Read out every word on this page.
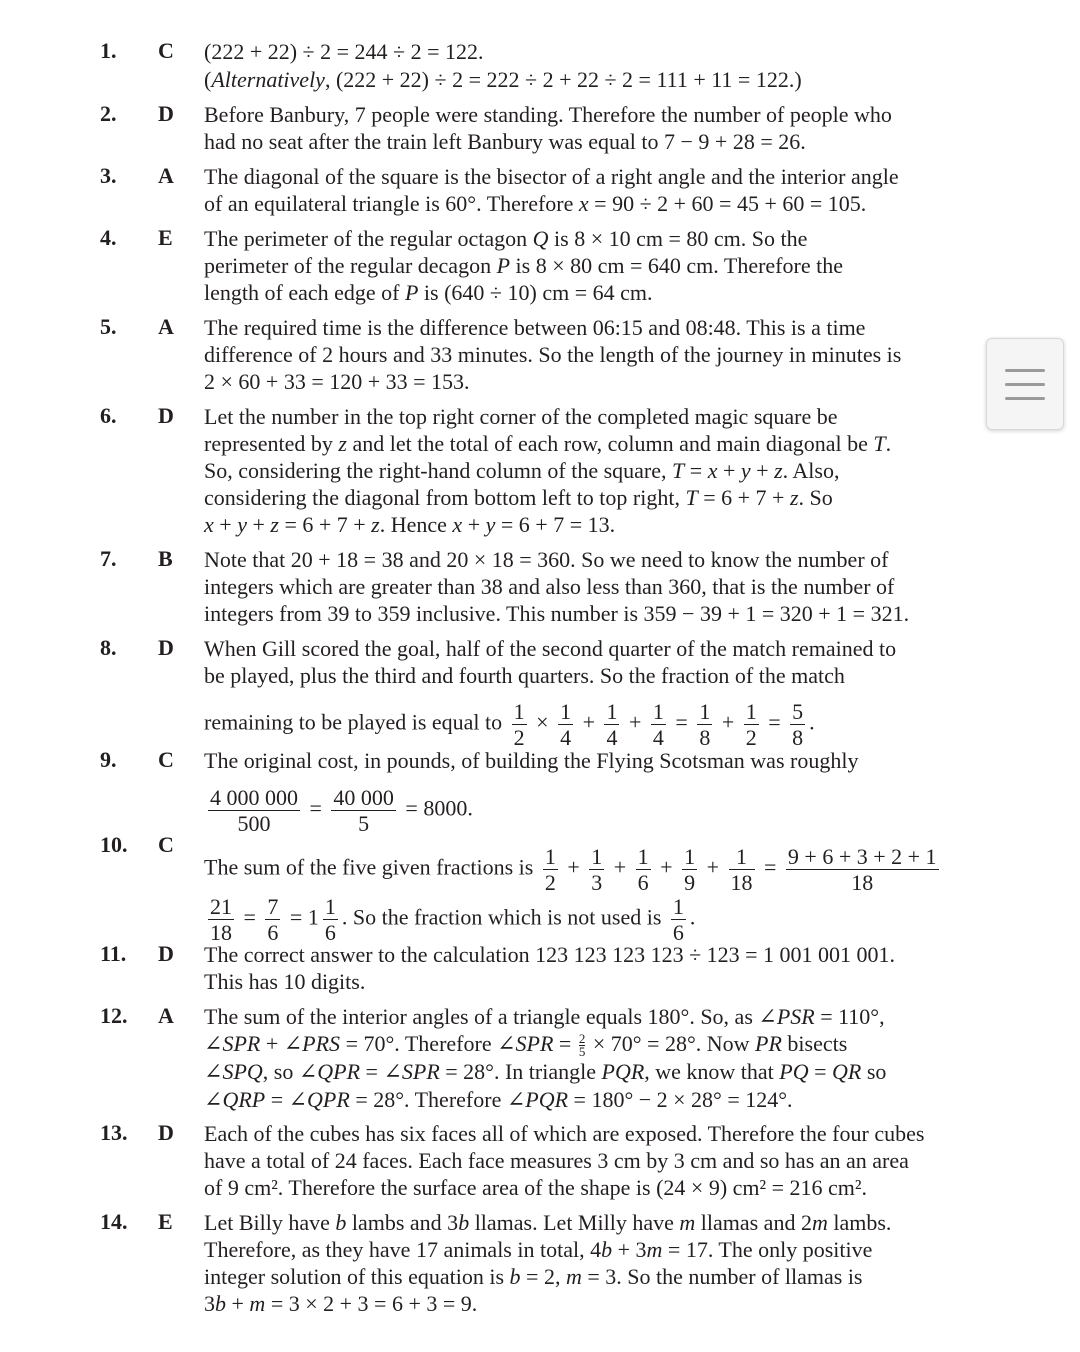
1. C (222 + 22) ÷ 2 = 244 ÷ 2 = 122.
(Alternatively, (222 + 22) ÷ 2 = 222 ÷ 2 + 22 ÷ 2 = 111 + 11 = 122.)
2. D Before Banbury, 7 people were standing. Therefore the number of people who
had no seat after the train left Banbury was equal to 7 − 9 + 28 = 26.
3. A The diagonal of the square is the bisector of a right angle and the interior angle
of an equilateral triangle is 60°. Therefore x = 90 ÷ 2 + 60 = 45 + 60 = 105.
4. E The perimeter of the regular octagon Q is 8 × 10 cm = 80 cm. So the
perimeter of the regular decagon P is 8 × 80 cm = 640 cm. Therefore the
length of each edge of P is (640 ÷ 10) cm = 64 cm.
5. A The required time is the difference between 06:15 and 08:48. This is a time
difference of 2 hours and 33 minutes. So the length of the journey in minutes is
2 × 60 + 33 = 120 + 33 = 153.
6. D Let the number in the top right corner of the completed magic square be
represented by z and let the total of each row, column and main diagonal be T.
So, considering the right-hand column of the square, T = x + y + z. Also,
considering the diagonal from bottom left to top right, T = 6 + 7 + z. So
x + y + z = 6 + 7 + z. Hence x + y = 6 + 7 = 13.
7. B Note that 20 + 18 = 38 and 20 × 18 = 360. So we need to know the number of
integers which are greater than 38 and also less than 360, that is the number of
integers from 39 to 359 inclusive. This number is 359 − 39 + 1 = 320 + 1 = 321.
8. D When Gill scored the goal, half of the second quarter of the match remained to
be played, plus the third and fourth quarters. So the fraction of the match
remaining to be played is equal to $\frac{1}{2} \times \frac{1}{4} + \frac{1}{4} + \frac{1}{4} = \frac{1}{8} + \frac{1}{2} = \frac{5}{8}$ .
9. C The original cost, in pounds, of building the Flying Scotsman was roughly
$\frac{4 000 000}{500} = \frac{40 000}{5} = 8000$.
10. C
The sum of the five given fractions is $\frac{1}{2} + \frac{1}{3} + \frac{1}{6} + \frac{1}{9} + \frac{1}{18} = \frac{9 + 6 + 3 + 2 + 1}{18}$
$\frac{21}{18} = \frac{7}{6} = 1 \frac{1}{6}$ . So the fraction which is not used is $\frac{1}{6}$ .
11. D The correct answer to the calculation 123 123 123 123 ÷ 123 = 1 001 001 001.
This has 10 digits.
12. A The sum of the interior angles of a triangle equals 180°. So, as ∠PSR = 110°,
∠SPR + ∠PRS = 70°. Therefore ∠SPR = $\frac{2}{5} \times 70^\circ = 28^\circ$. Now PR bisects
∠SPQ, so ∠QPR = ∠SPR = 28°. In triangle PQR, we know that PQ = QR so
∠QRP = ∠QPR = 28°. Therefore ∠PQR = 180° − 2 × 28° = 124°.
13. D Each of the cubes has six faces all of which are exposed. Therefore the four cubes
have a total of 24 faces. Each face measures 3 cm by 3 cm and so has an an area
of 9 cm². Therefore the surface area of the shape is (24 × 9) cm² = 216 cm².
14. E Let Billy have b lambs and 3b llamas. Let Milly have m llamas and 2m lambs.
Therefore, as they have 17 animals in total, 4b + 3m = 17. The only positive
integer solution of this equation is b = 2, m = 3. So the number of llamas is
3b + m = 3 × 2 + 3 = 6 + 3 = 9.
